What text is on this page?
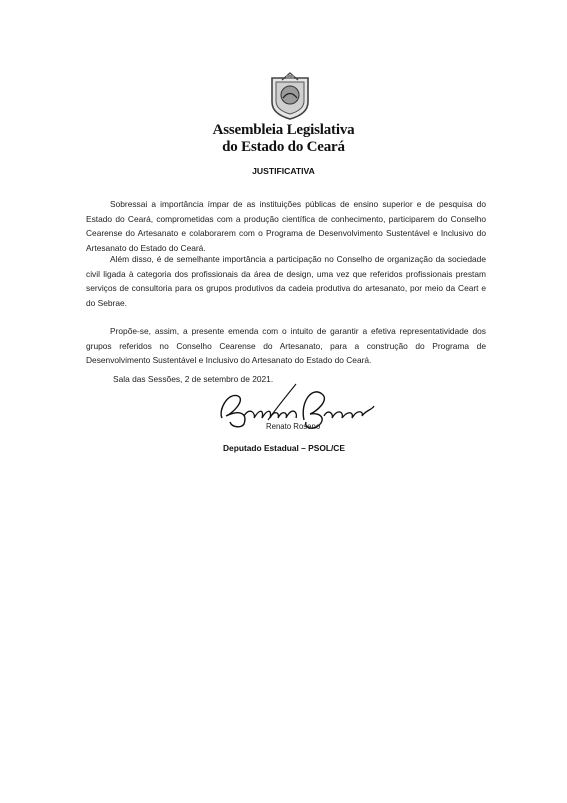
Assembleia Legislativa
do Estado do Ceará
JUSTIFICATIVA

Sobressai a importância ímpar de as instituições públicas de ensino superior e de pesquisa do Estado do Ceará, comprometidas com a produção científica de conhecimento, participarem do Conselho Cearense do Artesanato e colaborarem com o Programa de Desenvolvimento Sustentável e Inclusivo do Artesanato do Estado do Ceará.

Além disso, é de semelhante importância a participação no Conselho de organização da sociedade civil ligada à categoria dos profissionais da área de design, uma vez que referidos profissionais prestam serviços de consultoria para os grupos produtivos da cadeia produtiva do artesanato, por meio da Ceart e do Sebrae.

Propõe-se, assim, a presente emenda com o intuito de garantir a efetiva representatividade dos grupos referidos no Conselho Cearense do Artesanato, para a construção do Programa de Desenvolvimento Sustentável e Inclusivo do Artesanato do Estado do Ceará.

Sala das Sessões, 2 de setembro de 2021.
Renato Roseno
Deputado Estadual – PSOL/CE
